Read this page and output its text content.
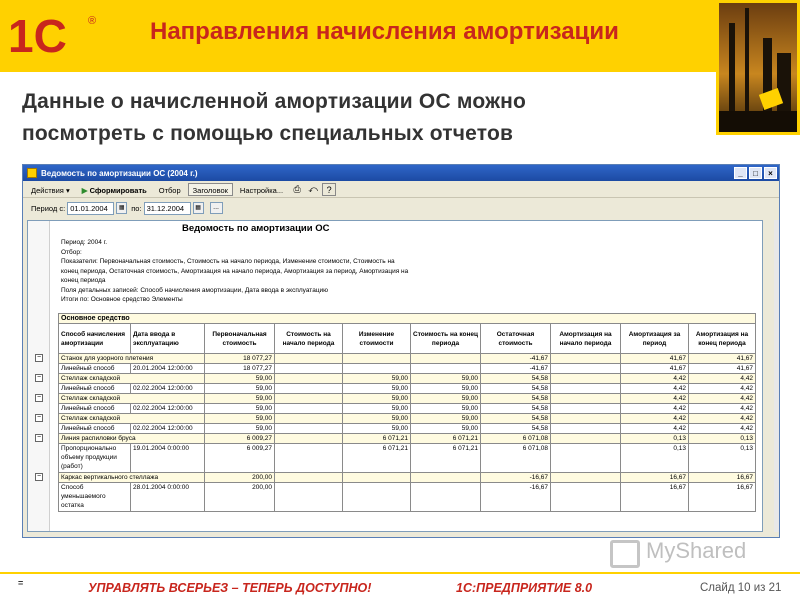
1С ® Направления начисления амортизации
Данные о начисленной амортизации ОС можно
посмотреть с помощью специальных отчетов
Ведомость по амортизации ОС (2004 г.)	_	□	×
Действия ▾	▶ Сформировать	Отбор	Заголовок	Настройка...	⎙ ⤺ ?
Период с: 01.01.2004	▦ по: 31.12.2004	▦	...
Ведомость по амортизации ОС
Период: 2004 г.
Отбор:
Показатели: Первоначальная стоимость, Стоимость на начало периода, Изменение стоимости, Стоимость на
конец периода, Остаточная стоимость, Амортизация на начало периода, Амортизация за период, Амортизация на
конец периода
Поля детальных записей: Способ начисления амортизации, Дата ввода в эксплуатацию
Итоги по: Основное средство Элементы
Основное средство									
Способ начисления амортизации	Дата ввода в эксплуатацию	Первоначальная стоимость	Стоимость на начало периода	Изменение стоимости	Стоимость на конец периода	Остаточная стоимость	Амортизация на начало периода	Амортизация за период	Амортизация на конец периода
Станок для узорного плетения		18 077,27				-41,67		41,67	41,67
Линейный способ	20.01.2004 12:00:00	18 077,27				-41,67		41,67	41,67
Стеллаж складской		59,00		59,00	59,00	54,58		4,42	4,42
Линейный способ	02.02.2004 12:00:00	59,00		59,00	59,00	54,58		4,42	4,42
Стеллаж складской		59,00		59,00	59,00	54,58		4,42	4,42
Линейный способ	02.02.2004 12:00:00	59,00		59,00	59,00	54,58		4,42	4,42
Стеллаж складской		59,00		59,00	59,00	54,58		4,42	4,42
Линейный способ	02.02.2004 12:00:00	59,00		59,00	59,00	54,58		4,42	4,42
Линия распиловки бруса		6 009,27		6 071,21	6 071,21	6 071,08		0,13	0,13
Пропорционально объему продукции (работ)	19.01.2004 0:00:00	6 009,27		6 071,21	6 071,21	6 071,08		0,13	0,13
Каркас вертикального стеллажа		200,00				-16,67		16,67	16,67
Способ уменьшаемого остатка	28.01.2004 0:00:00	200,00				-16,67		16,67	16,67
−
−
−
−
−
−
MyShared
=	УПРАВЛЯТЬ ВСЕРЬЕЗ – ТЕПЕРЬ ДОСТУПНО!	1С:ПРЕДПРИЯТИЕ 8.0	Слайд 10 из 21
